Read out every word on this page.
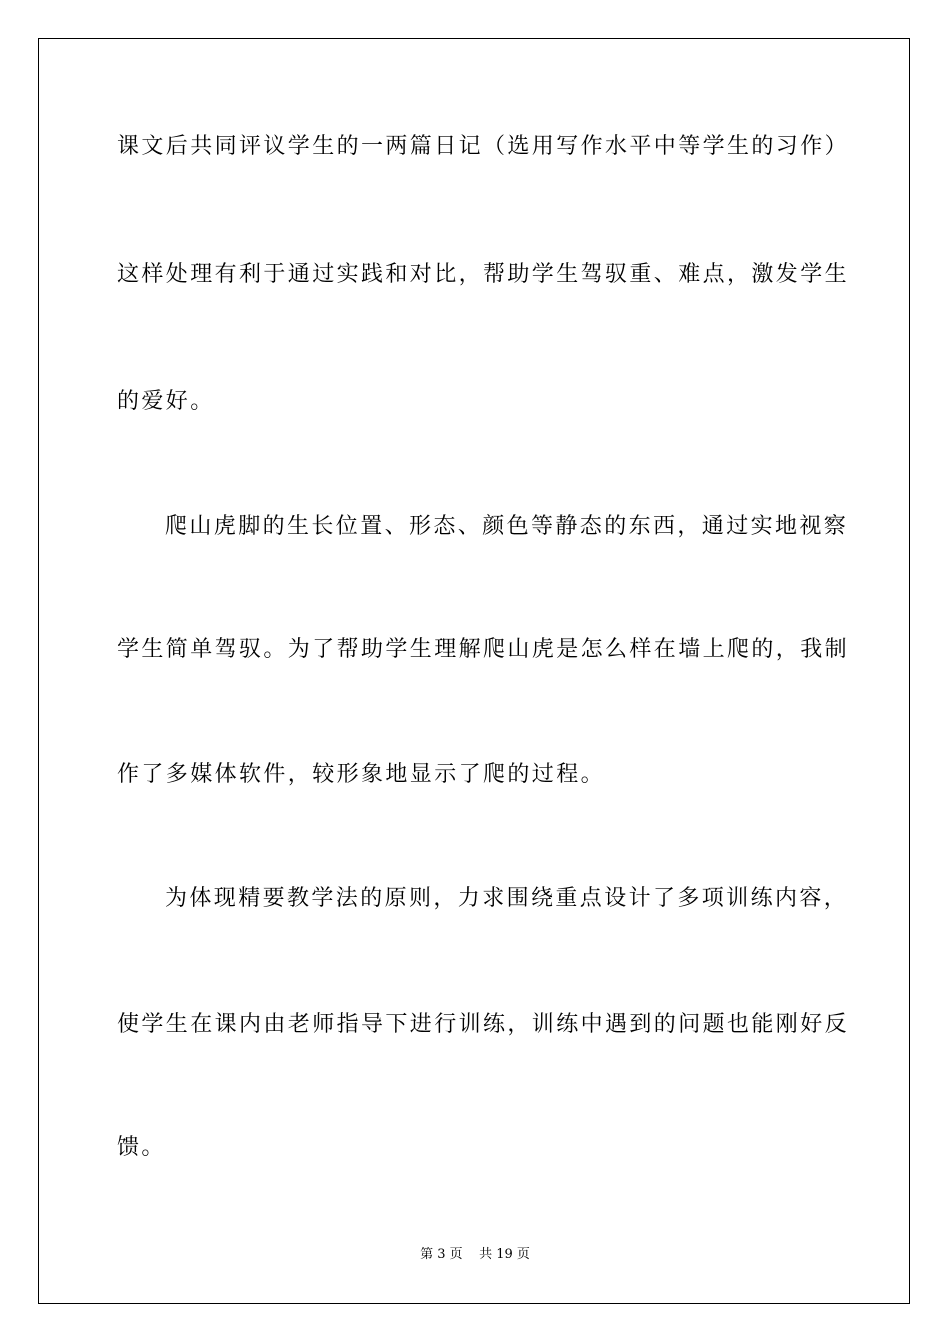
课文后共同评议学生的一两篇日记（选用写作水平中等学生的习作）
这样处理有利于通过实践和对比，帮助学生驾驭重、难点，激发学生
的爱好。
爬山虎脚的生长位置、形态、颜色等静态的东西，通过实地视察
学生简单驾驭。为了帮助学生理解爬山虎是怎么样在墙上爬的，我制
作了多媒体软件，较形象地显示了爬的过程。
为体现精要教学法的原则，力求围绕重点设计了多项训练内容，
使学生在课内由老师指导下进行训练，训练中遇到的问题也能刚好反
馈。
第 3 页    共 19 页
